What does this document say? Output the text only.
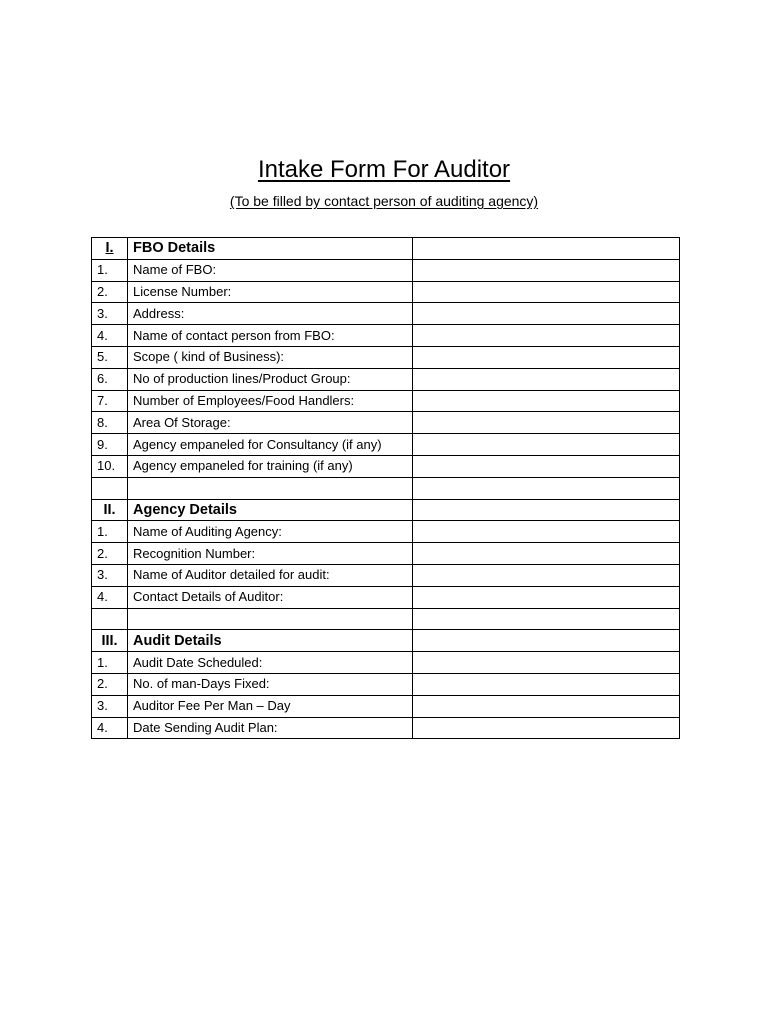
Intake Form For Auditor

(To be filled by contact person of auditing agency)

I.	FBO Details	
1.	Name of FBO:	
2.	License Number:	
3.	Address:	
4.	Name of contact person from FBO:	
5.	Scope ( kind of Business):	
6.	No of production lines/Product Group:	
7.	Number of Employees/Food Handlers:	
8.	Area Of Storage:	
9.	Agency empaneled for Consultancy (if any)	
10.	Agency empaneled for training (if any)	

II.	Agency Details	
1.	Name of Auditing Agency:	
2.	Recognition Number:	
3.	Name of Auditor detailed for audit:	
4.	Contact Details of Auditor:	

III.	Audit Details	
1.	Audit Date Scheduled:	
2.	No. of man-Days Fixed:	
3.	Auditor Fee Per Man – Day	
4.	Date Sending Audit Plan:	
